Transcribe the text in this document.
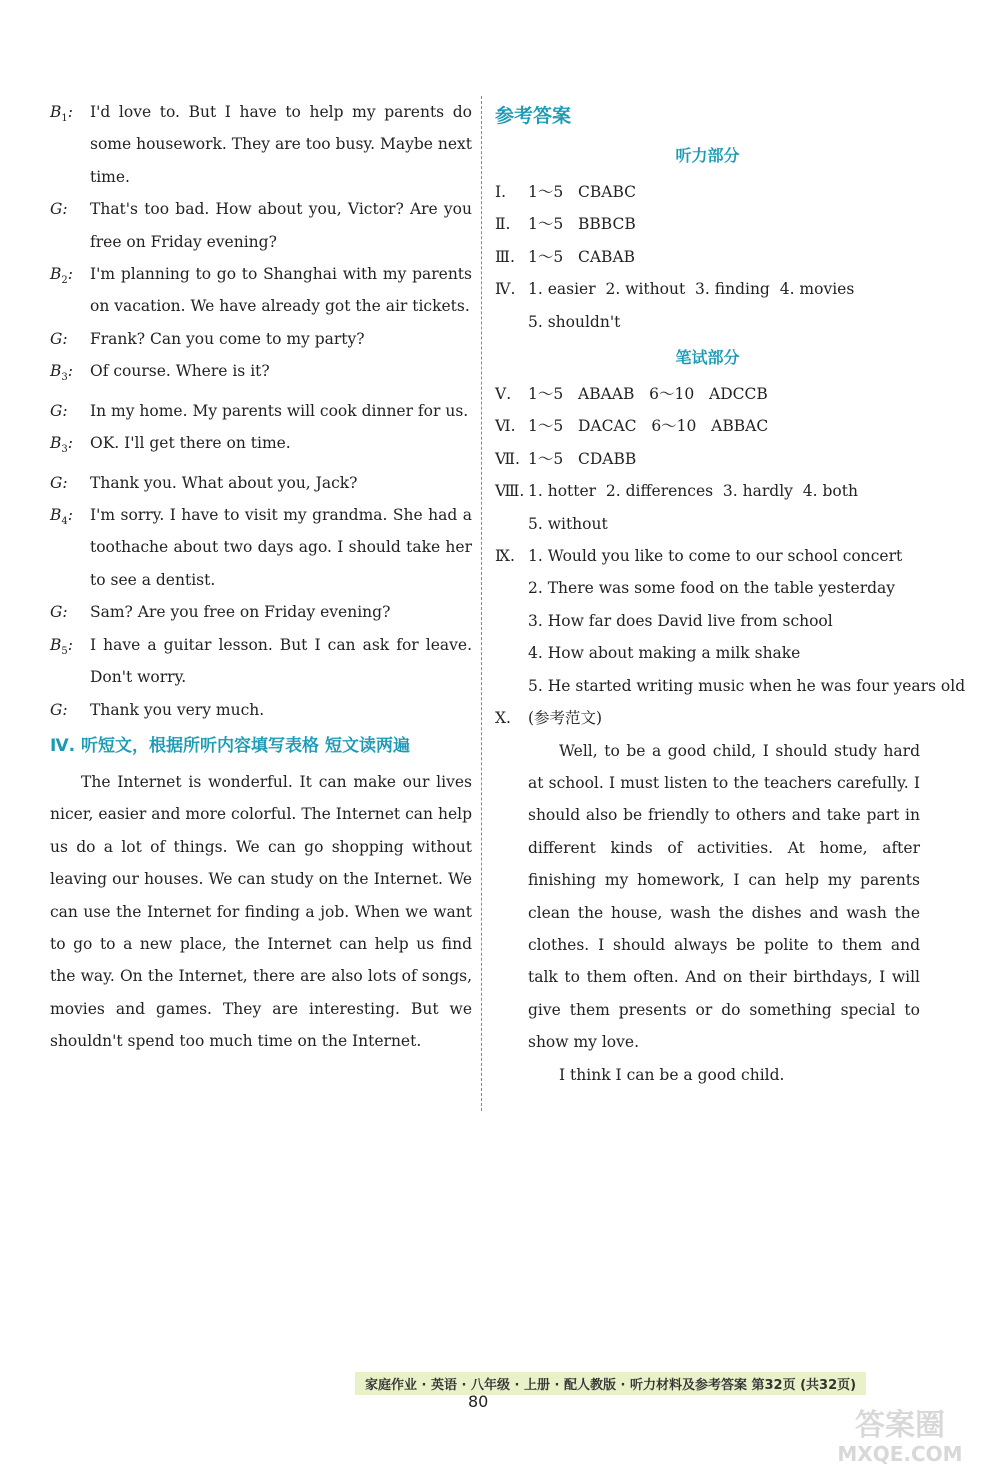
$B_1$:	I'd love to. But I have to help my parents do some housework. They are too busy. Maybe next time.
G:	That's too bad. How about you, Victor? Are you free on Friday evening?
$B_2$:	I'm planning to go to Shanghai with my parents on vacation. We have already got the air tickets.
G:	Frank? Can you come to my party?
$B_3$:	Of course. Where is it?
G:	In my home. My parents will cook dinner for us.
$B_3$:	OK. I'll get there on time.
G:	Thank you. What about you, Jack?
$B_4$:	I'm sorry. I have to visit my grandma. She had a toothache about two days ago. I should take her to see a dentist.
G:	Sam? Are you free on Friday evening?
$B_5$:	I have a guitar lesson. But I can ask for leave. Don't worry.
G:	Thank you very much.
Ⅳ. 听短文，根据所听内容填写表格 短文读两遍
The Internet is wonderful. It can make our lives nicer, easier and more colorful. The Internet can help us do a lot of things. We can go shopping without leaving our houses. We can study on the Internet. We can use the Internet for finding a job. When we want to go to a new place, the Internet can help us find the way. On the Internet, there are also lots of songs, movies and games. They are interesting. But we shouldn't spend too much time on the Internet.
参考答案
听力部分
Ⅰ.	1～5   CBABC
Ⅱ.	1～5   BBBCB
Ⅲ. 1～5   CABAB
Ⅳ. 1. easier  2. without  3. finding  4. movies
5. shouldn't
笔试部分
Ⅴ.	1～5   ABAAB   6～10   ADCCB
Ⅵ. 1～5   DACAC   6～10   ABBAC
Ⅶ. 1～5   CDABB
Ⅷ. 1. hotter  2. differences  3. hardly  4. both
5. without
Ⅸ. 1. Would you like to come to our school concert
2. There was some food on the table yesterday
3. How far does David live from school
4. How about making a milk shake
5. He started writing music when he was four years old
Ⅹ.	(参考范文)
Well, to be a good child, I should study hard at school. I must listen to the teachers carefully. I should also be friendly to others and take part in different kinds of activities. At home, after finishing my homework, I can help my parents clean the house, wash the dishes and wash the clothes. I should always be polite to them and talk to them often. And on their birthdays, I will give them presents or do something special to show my love.
I think I can be a good child.
家庭作业 · 英语 · 八年级 · 上册 · 配人教版 · 听力材料及参考答案 第32页 (共32页)
80
答案圈
MXQE.COM
